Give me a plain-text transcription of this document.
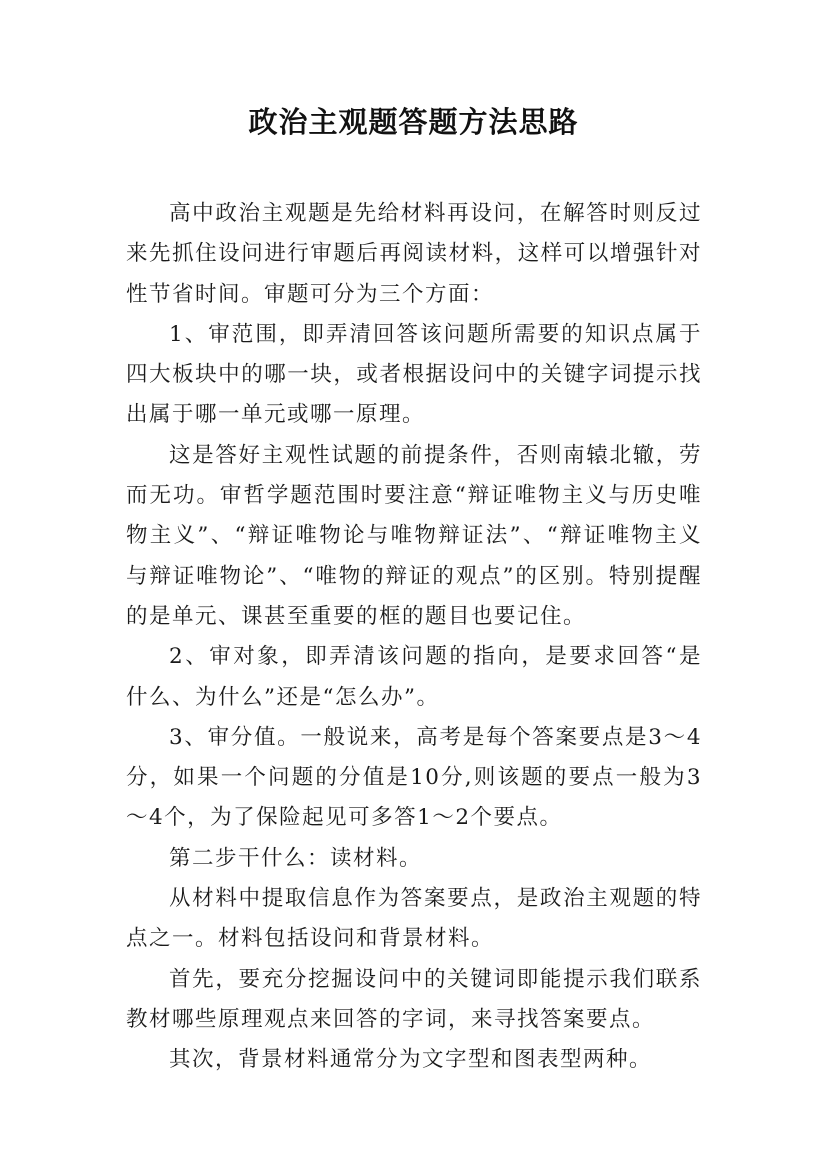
政治主观题答题方法思路

高中政治主观题是先给材料再设问，在解答时则反过来先抓住设问进行审题后再阅读材料，这样可以增强针对性节省时间。审题可分为三个方面：

1、审范围，即弄清回答该问题所需要的知识点属于四大板块中的哪一块，或者根据设问中的关键字词提示找出属于哪一单元或哪一原理。

这是答好主观性试题的前提条件，否则南辕北辙，劳而无功。审哲学题范围时要注意“辩证唯物主义与历史唯物主义”、“辩证唯物论与唯物辩证法”、“辩证唯物主义与辩证唯物论”、“唯物的辩证的观点”的区别。特别提醒的是单元、课甚至重要的框的题目也要记住。

2、审对象，即弄清该问题的指向，是要求回答“是什么、为什么”还是“怎么办”。

3、审分值。一般说来，高考是每个答案要点是3～4分，如果一个问题的分值是10分,则该题的要点一般为3～4个，为了保险起见可多答1～2个要点。

第二步干什么：读材料。

从材料中提取信息作为答案要点，是政治主观题的特点之一。材料包括设问和背景材料。

首先，要充分挖掘设问中的关键词即能提示我们联系教材哪些原理观点来回答的字词，来寻找答案要点。

其次，背景材料通常分为文字型和图表型两种。
